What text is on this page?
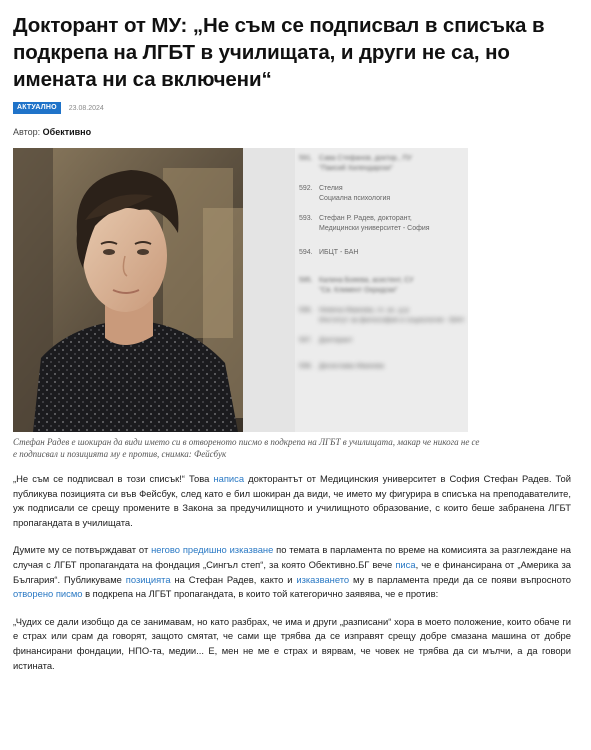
Докторант от МУ: „Не съм се подписвал в списъка в подкрепа на ЛГБТ в училищата, и други не са, но имената ни са включени“
АКТУАЛНО	23.08.2024
Автор: Обективно
591. Сава Стефанов, доктор., ПУ
"Паисий Хилендарски"
592. Стелия
Социална психология
593. Стефан Р. Радев, докторант,
Медицински университет - София
594. ИБЦТ - БАН
595. Калина Бояева, асистент, СУ
"Св. Климент Охридски"
596. Невена Иванова, гл. ас. д-р
Институт за философия и социология - БАН
597. Докторант
598. Десислава Иванова
Стефан Радев е шокиран да види името си в отвореното писмо в подкрепа на ЛГБТ в училищата, макар че никога не се е подписвал и позицията му е против, снимка: Фейсбук

„Не съм се подписвал в този списък!“ Това написа докторантът от Медицинския университет в София Стефан Радев. Той публикува позицията си във Фейсбук, след като е бил шокиран да види, че името му фигурира в списъка на преподавателите, уж подписали се срещу промените в Закона за предучилищното и училищното образование, с които беше забранена ЛГБТ пропагандата в училищата.

Думите му се потвърждават от негово предишно изказване по темата в парламента по време на комисията за разглеждане на случая с ЛГБТ пропагандата на фондация „Сингъл степ“, за която Обективно.БГ вече писа, че е финансирана от „Америка за България“. Публикуваме позицията на Стефан Радев, както и изказването му в парламента преди да се появи въпросното отворено писмо в подкрепа на ЛГБТ пропагандата, в които той категорично заявява, че е против:

„Чудих се дали изобщо да се занимавам, но като разбрах, че има и други „разписани“ хора в моето положение, които обаче ги е страх или срам да говорят, защото смятат, че сами ще трябва да се изправят срещу добре смазана машина от добре финансирани фондации, НПО-та, медии... Е, мен не ме е страх и вярвам, че човек не трябва да си мълчи, а да говори истината.
